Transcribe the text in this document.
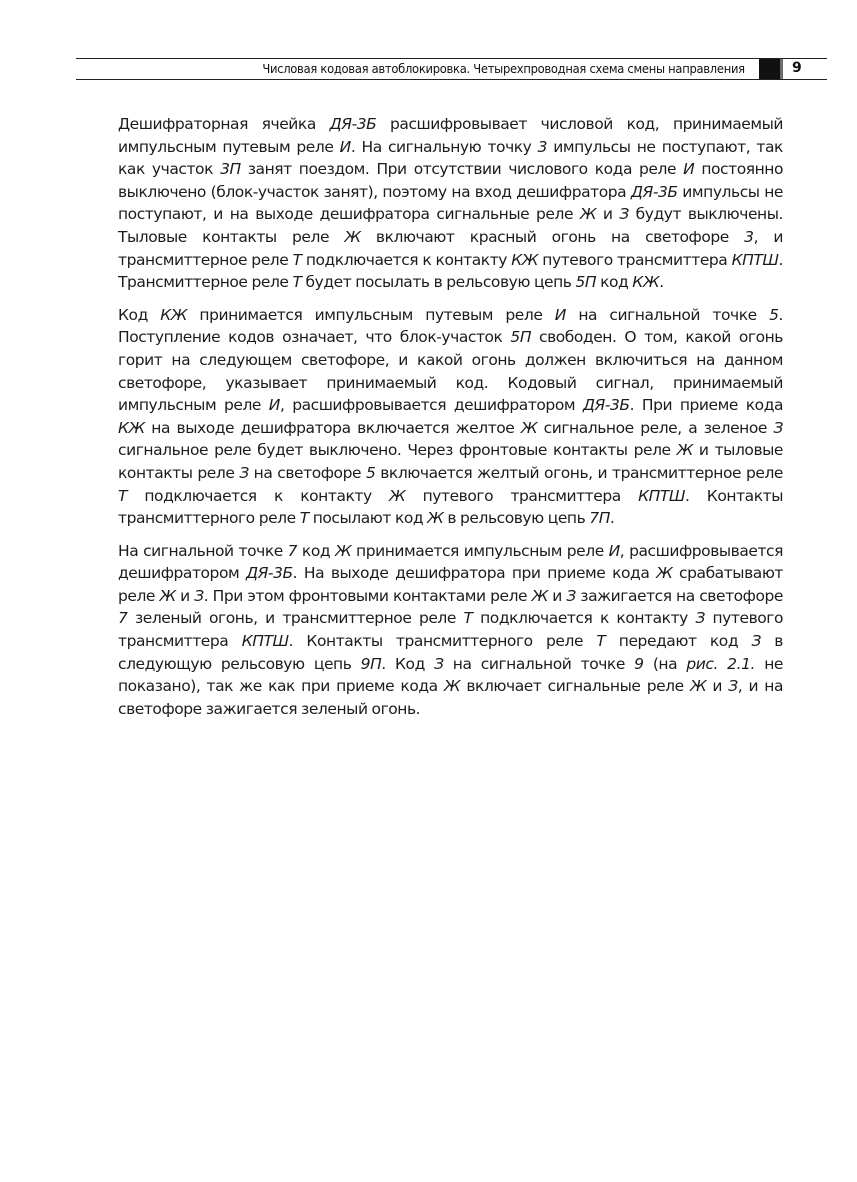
Числовая кодовая автоблокировка. Четырехпроводная схема смены направления	9

Дешифраторная ячейка ДЯ-3Б расшифровывает числовой код, принимаемый импульсным путевым реле И. На сигнальную точку 3 импульсы не поступают, так как участок 3П занят поездом. При отсутствии числового кода реле И постоянно выключено (блок-участок занят), поэтому на вход дешифратора ДЯ-3Б импульсы не поступают, и на выходе дешифратора сигнальные реле Ж и З будут выключены. Тыловые контакты реле Ж включают красный огонь на светофоре 3, и трансмиттерное реле Т подключается к контакту КЖ путевого трансмиттера КПТШ. Трансмиттерное реле Т будет посылать в рельсовую цепь 5П код КЖ.

Код КЖ принимается импульсным путевым реле И на сигнальной точке 5. Поступление кодов означает, что блок-участок 5П свободен. О том, какой огонь горит на следующем светофоре, и какой огонь должен включиться на данном светофоре, указывает принимаемый код. Кодовый сигнал, принимаемый импульсным реле И, расшифровывается дешифратором ДЯ-3Б. При приеме кода КЖ на выходе дешифратора включается желтое Ж сигнальное реле, а зеленое З сигнальное реле будет выключено. Через фронтовые контакты реле Ж и тыловые контакты реле З на светофоре 5 включается желтый огонь, и трансмиттерное реле Т подключается к контакту Ж путевого трансмиттера КПТШ. Контакты трансмиттерного реле Т посылают код Ж в рельсовую цепь 7П.

На сигнальной точке 7 код Ж принимается импульсным реле И, расшифровывается дешифратором ДЯ-3Б. На выходе дешифратора при приеме кода Ж срабатывают реле Ж и З. При этом фронтовыми контактами реле Ж и З зажигается на светофоре 7 зеленый огонь, и трансмиттерное реле Т подключается к контакту З путевого трансмиттера КПТШ. Контакты трансмиттерного реле Т передают код З в следующую рельсовую цепь 9П. Код З на сигнальной точке 9 (на рис. 2.1. не показано), так же как при приеме кода Ж включает сигнальные реле Ж и З, и на светофоре зажигается зеленый огонь.
